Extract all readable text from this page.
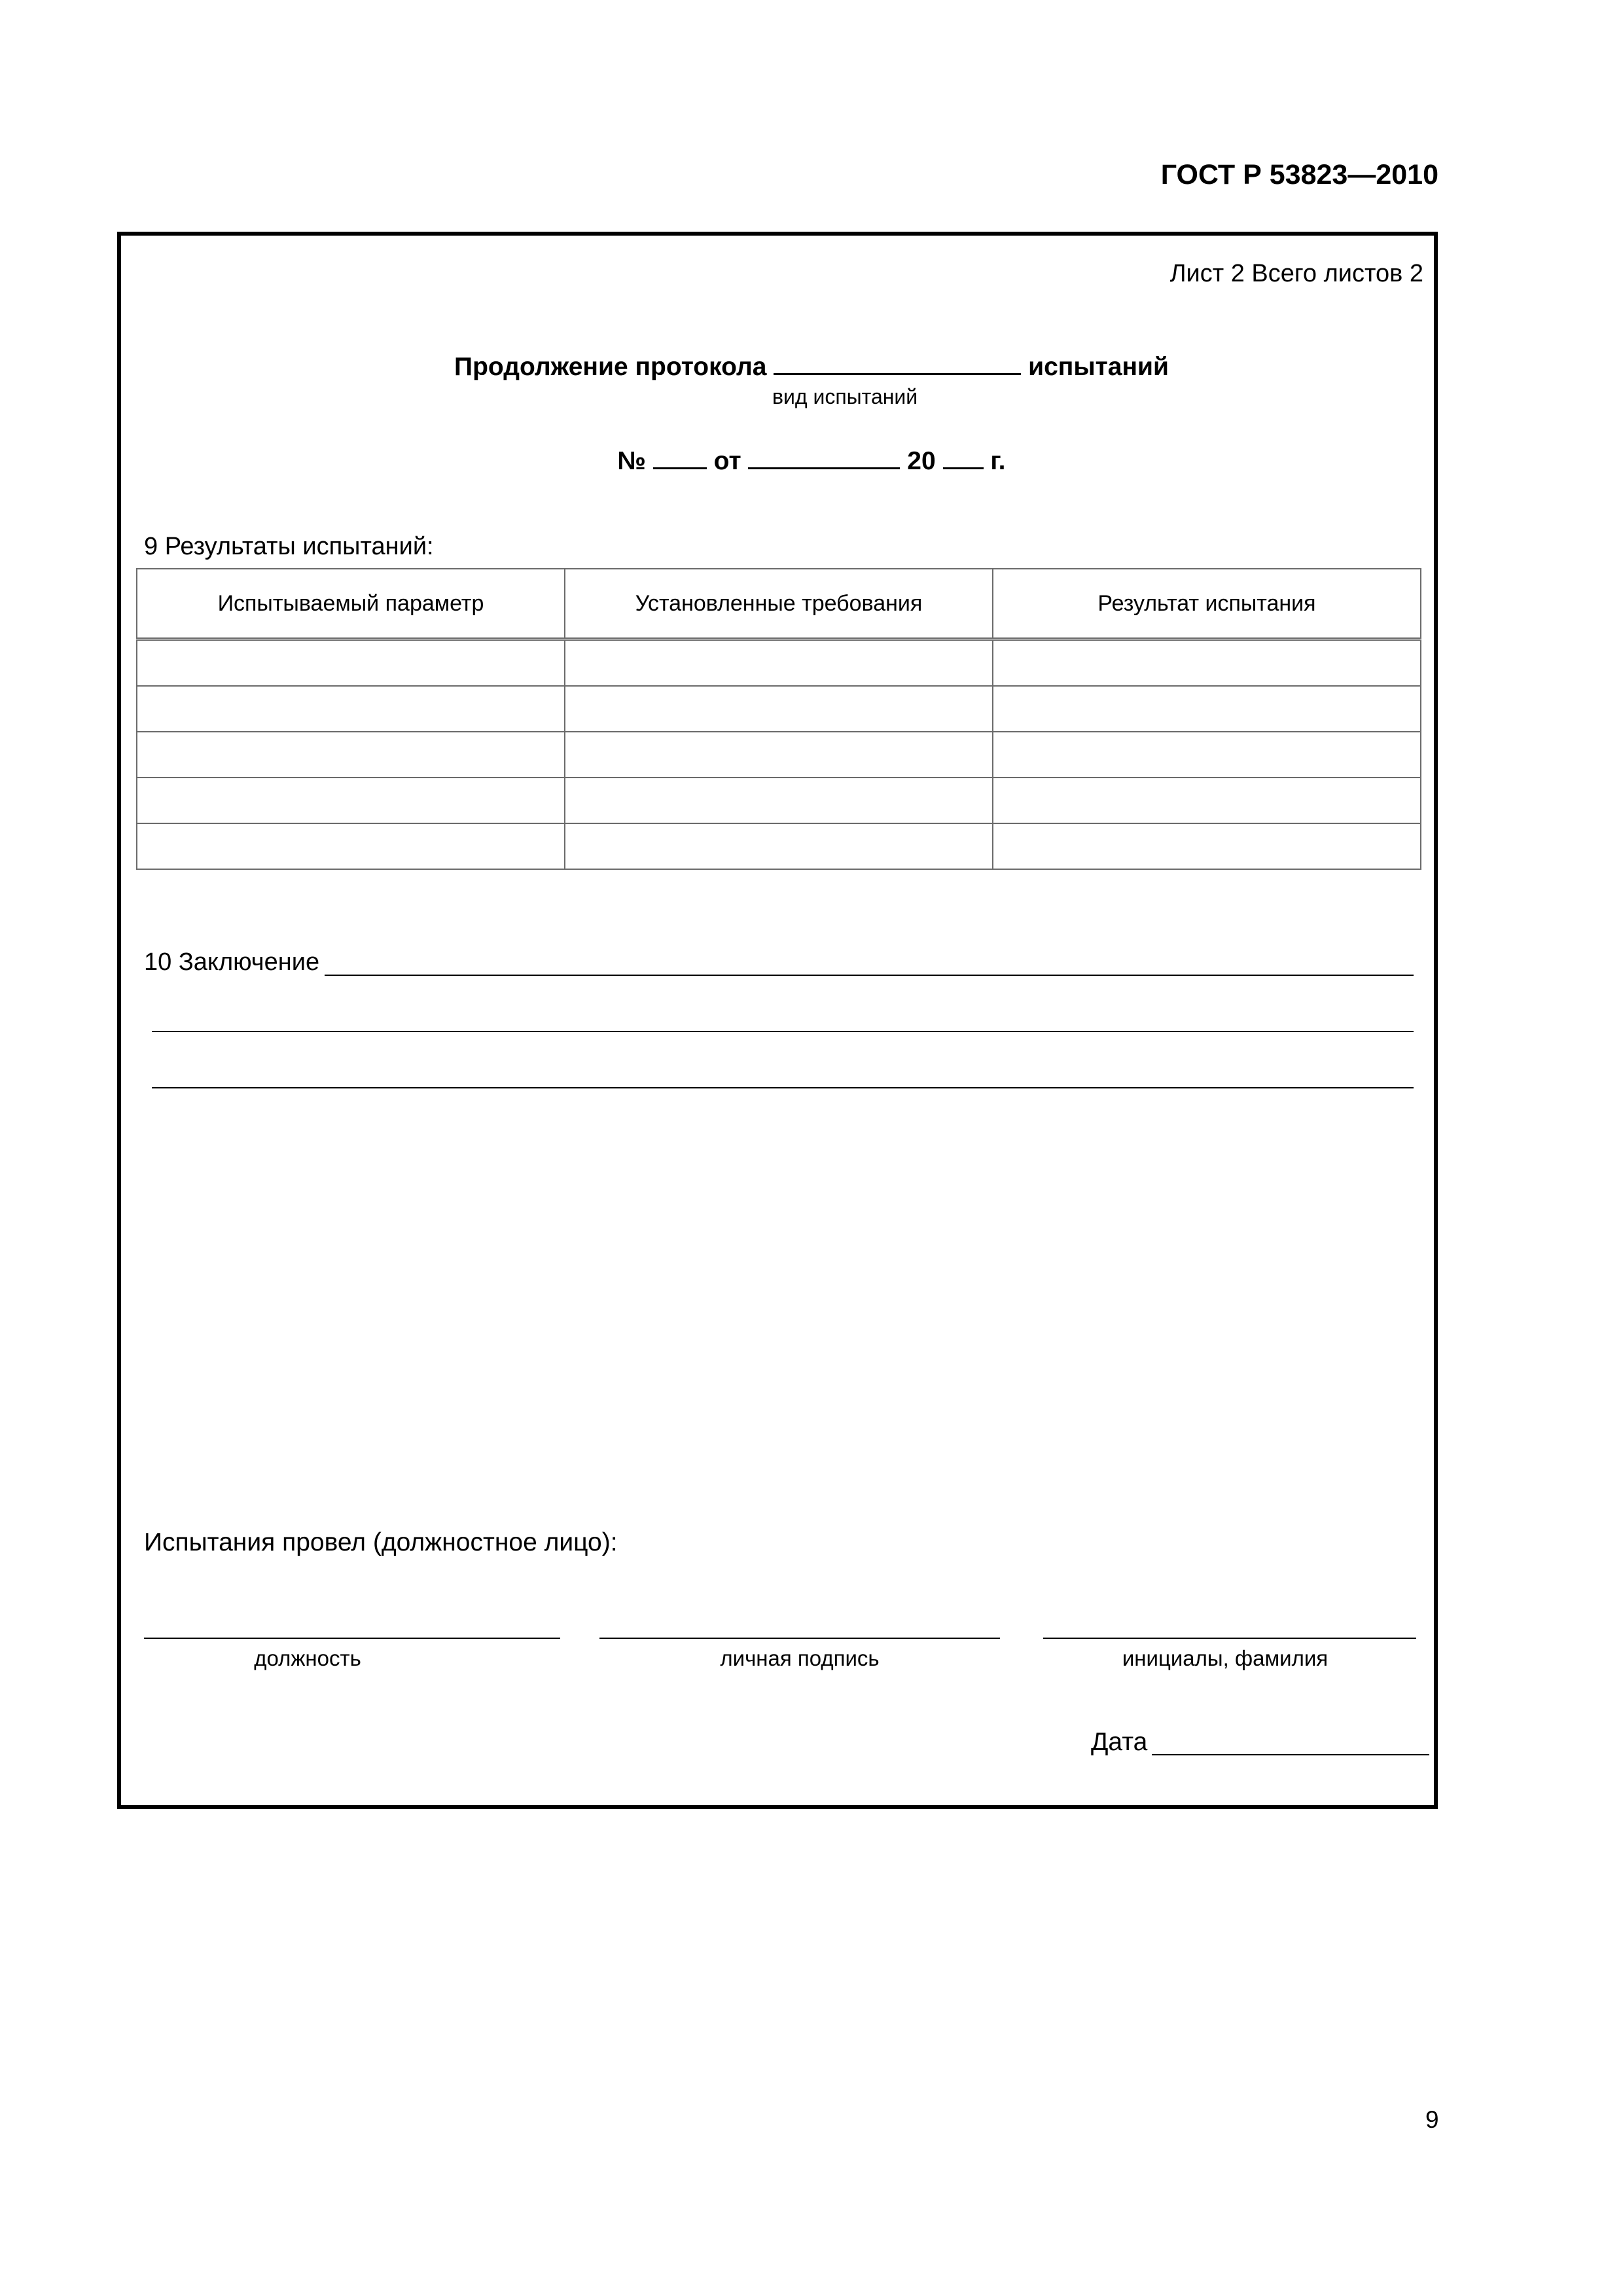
ГОСТ Р 53823—2010
Лист 2 Всего листов 2
Продолжение протокола	испытаний
вид испытаний
№	от	20 г.
9 Результаты испытаний:
Испытываемый параметр	Установленные требования	Результат испытания

10 Заключение
Испытания провел (должностное лицо):
должность	личная подпись	инициалы, фамилия
Дата
9
